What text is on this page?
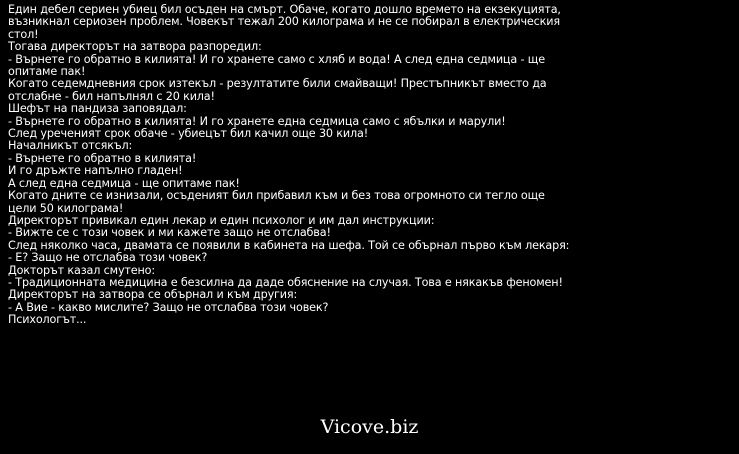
Един дебел сериен убиец бил осъден на смърт. Обаче, когато дошло времето на екзекуцията, възникнал сериозен проблем. Човекът тежал 200 килограма и не се побирал в електрическия стол!

Тогава директорът на затвора разпоредил:

- Върнете го обратно в килията! И го хранете само с хляб и вода! А след една седмица - ще опитаме пак!

Когато седемдневния срок изтекъл - резултатите били смайващи! Престъпникът вместо да отслабне - бил напълнял с 20 кила!

Шефът на пандиза заповядал:

- Върнете го обратно в килията! И го хранете една седмица само с ябълки и марули!

След уреченият срок обаче - убиецът бил качил още 30 кила!

Началникът отсякъл:

- Върнете го обратно в килията!

И го дръжте напълно гладен!

А след една седмица - ще опитаме пак!

Когато дните се изнизали, осъденият бил прибавил към и без това огромното си тегло още цели 50 килограма!

Директорът привикал един лекар и един психолог и им дал инструкции:

- Вижте се с този човек и ми кажете защо не отслабва!

След няколко часа, двамата се появили в кабинета на шефа. Той се обърнал първо към лекаря:

- Е? Защо не отслабва този човек?

Докторът казал смутено:

- Традиционната медицина е безсилна да даде обяснение на случая. Това е някакъв феномен!

Директорът на затвора се обърнал и към другия:

- А Вие - какво мислите? Защо не отслабва този човек?

Психологът...

Vicove.biz
